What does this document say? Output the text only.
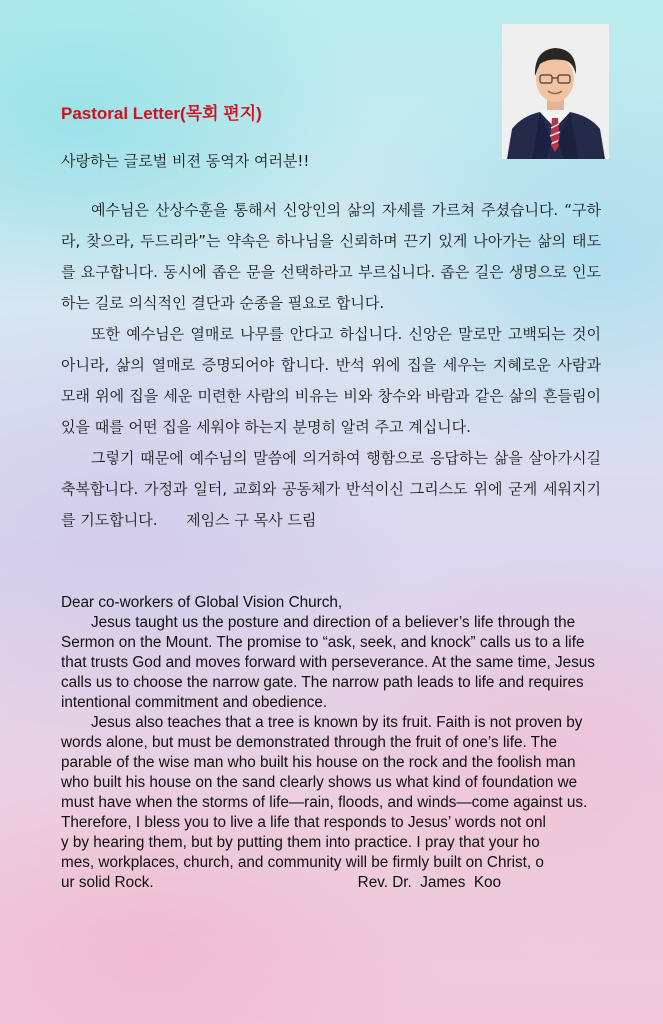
Pastoral Letter(목회 편지)
사랑하는 글로벌 비젼 동역자 여러분!!

예수님은 산상수훈을 통해서 신앙인의 삶의 자세를 가르쳐 주셨습니다. “구하라, 찾으라, 두드리라”는 약속은 하나님을 신뢰하며 끈기 있게 나아가는 삶의 태도를 요구합니다. 동시에 좁은 문을 선택하라고 부르십니다. 좁은 길은 생명으로 인도하는 길로 의식적인 결단과 순종을 필요로 합니다.

또한 예수님은 열매로 나무를 안다고 하십니다. 신앙은 말로만 고백되는 것이 아니라, 삶의 열매로 증명되어야 합니다. 반석 위에 집을 세우는 지혜로운 사람과 모래 위에 집을 세운 미련한 사람의 비유는 비와 창수와 바람과 같은 삶의 흔들림이 있을 때를 어떤 집을 세워야 하는지 분명히 알려 주고 계십니다.

그렇기 때문에 예수님의 말씀에 의거하여 행함으로 응답하는 삶을 살아가시길 축복합니다. 가정과 일터, 교회와 공동체가 반석이신 그리스도 위에 굳게 세워지기를 기도합니다. 제임스 구 목사 드림

Dear co-workers of Global Vision Church,

Jesus taught us the posture and direction of a believer’s life through the Sermon on the Mount. The promise to “ask, seek, and knock” calls us to a life that trusts God and moves forward with perseverance. At the same time, Jesus calls us to choose the narrow gate. The narrow path leads to life and requires intentional commitment and obedience.

Jesus also teaches that a tree is known by its fruit. Faith is not proven by words alone, but must be demonstrated through the fruit of one’s life. The parable of the wise man who built his house on the rock and the foolish man who built his house on the sand clearly shows us what kind of foundation we must have when the storms of life—rain, floods, and winds—come against us.

Therefore, I bless you to live a life that responds to Jesus’ words not onl

y by hearing them, but by putting them into practice. I pray that your ho

mes, workplaces, church, and community will be firmly built on Christ, o

ur solid Rock.	Rev. Dr.  James  Koo
